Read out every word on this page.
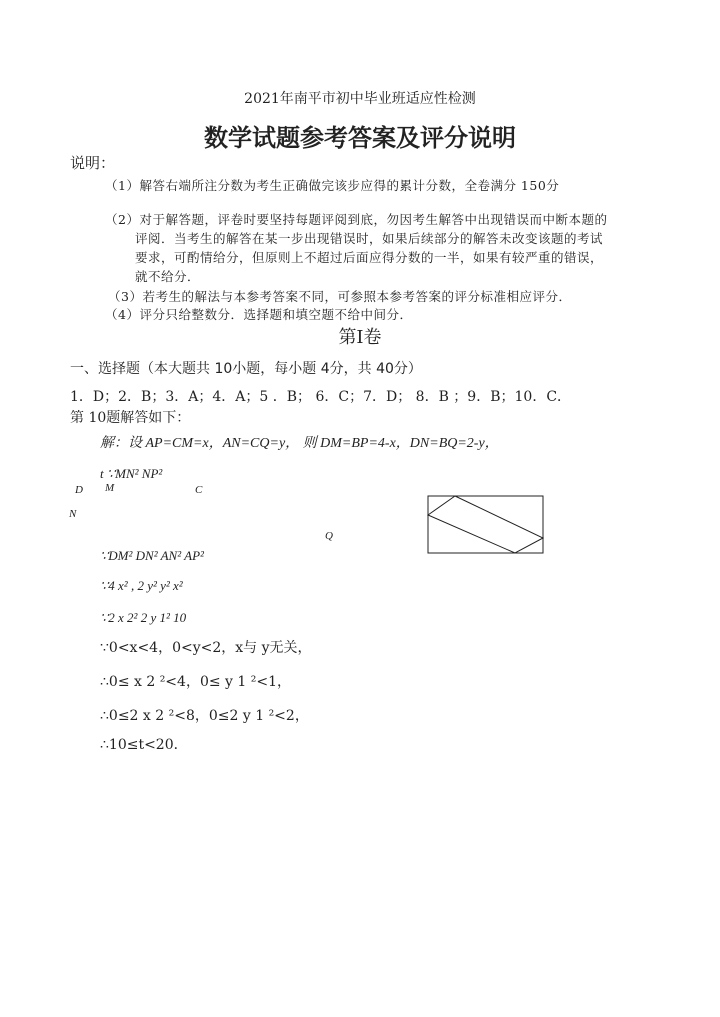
2021年南平市初中毕业班适应性检测
数学试题参考答案及评分说明
说明：
（1）解答右端所注分数为考生正确做完该步应得的累计分数，全卷满分 150分
（2）对于解答题，评卷时要坚持每题评阅到底，勿因考生解答中出现错误而中断本题的
评阅．当考生的解答在某一步出现错误时，如果后续部分的解答未改变该题的考试
要求，可酌情给分，但原则上不超过后面应得分数的一半，如果有较严重的错误，
就不给分．
（3）若考生的解法与本参考答案不同，可参照本参考答案的评分标准相应评分．
（4）评分只给整数分．选择题和填空题不给中间分．
第Ⅰ卷
一、选择题（本大题共 10小题，每小题 4分，共 40分）
1．D；2．B；3．A；4．A；5 ．B； 6．C；7．D； 8．B ；9．B；10．C．
第 10题解答如下：
解：设 AP=CM=x，AN=CQ=y， 则 DM=BP=4-x，DN=BQ=2-y，
t ∵MN² NP²
D M	C
N
Q
∵DM² DN² AN² AP²
∵4 x² , 2 y² y² x²
∵2 x 2² 2 y 1² 10
∵0<x<4，0<y<2，x与 y无关，
∴0≤ x 2 ²<4，0≤ y 1 ²<1，
∴0≤2 x 2 ²<8，0≤2 y 1 ²<2，
∴10≤t<20．
